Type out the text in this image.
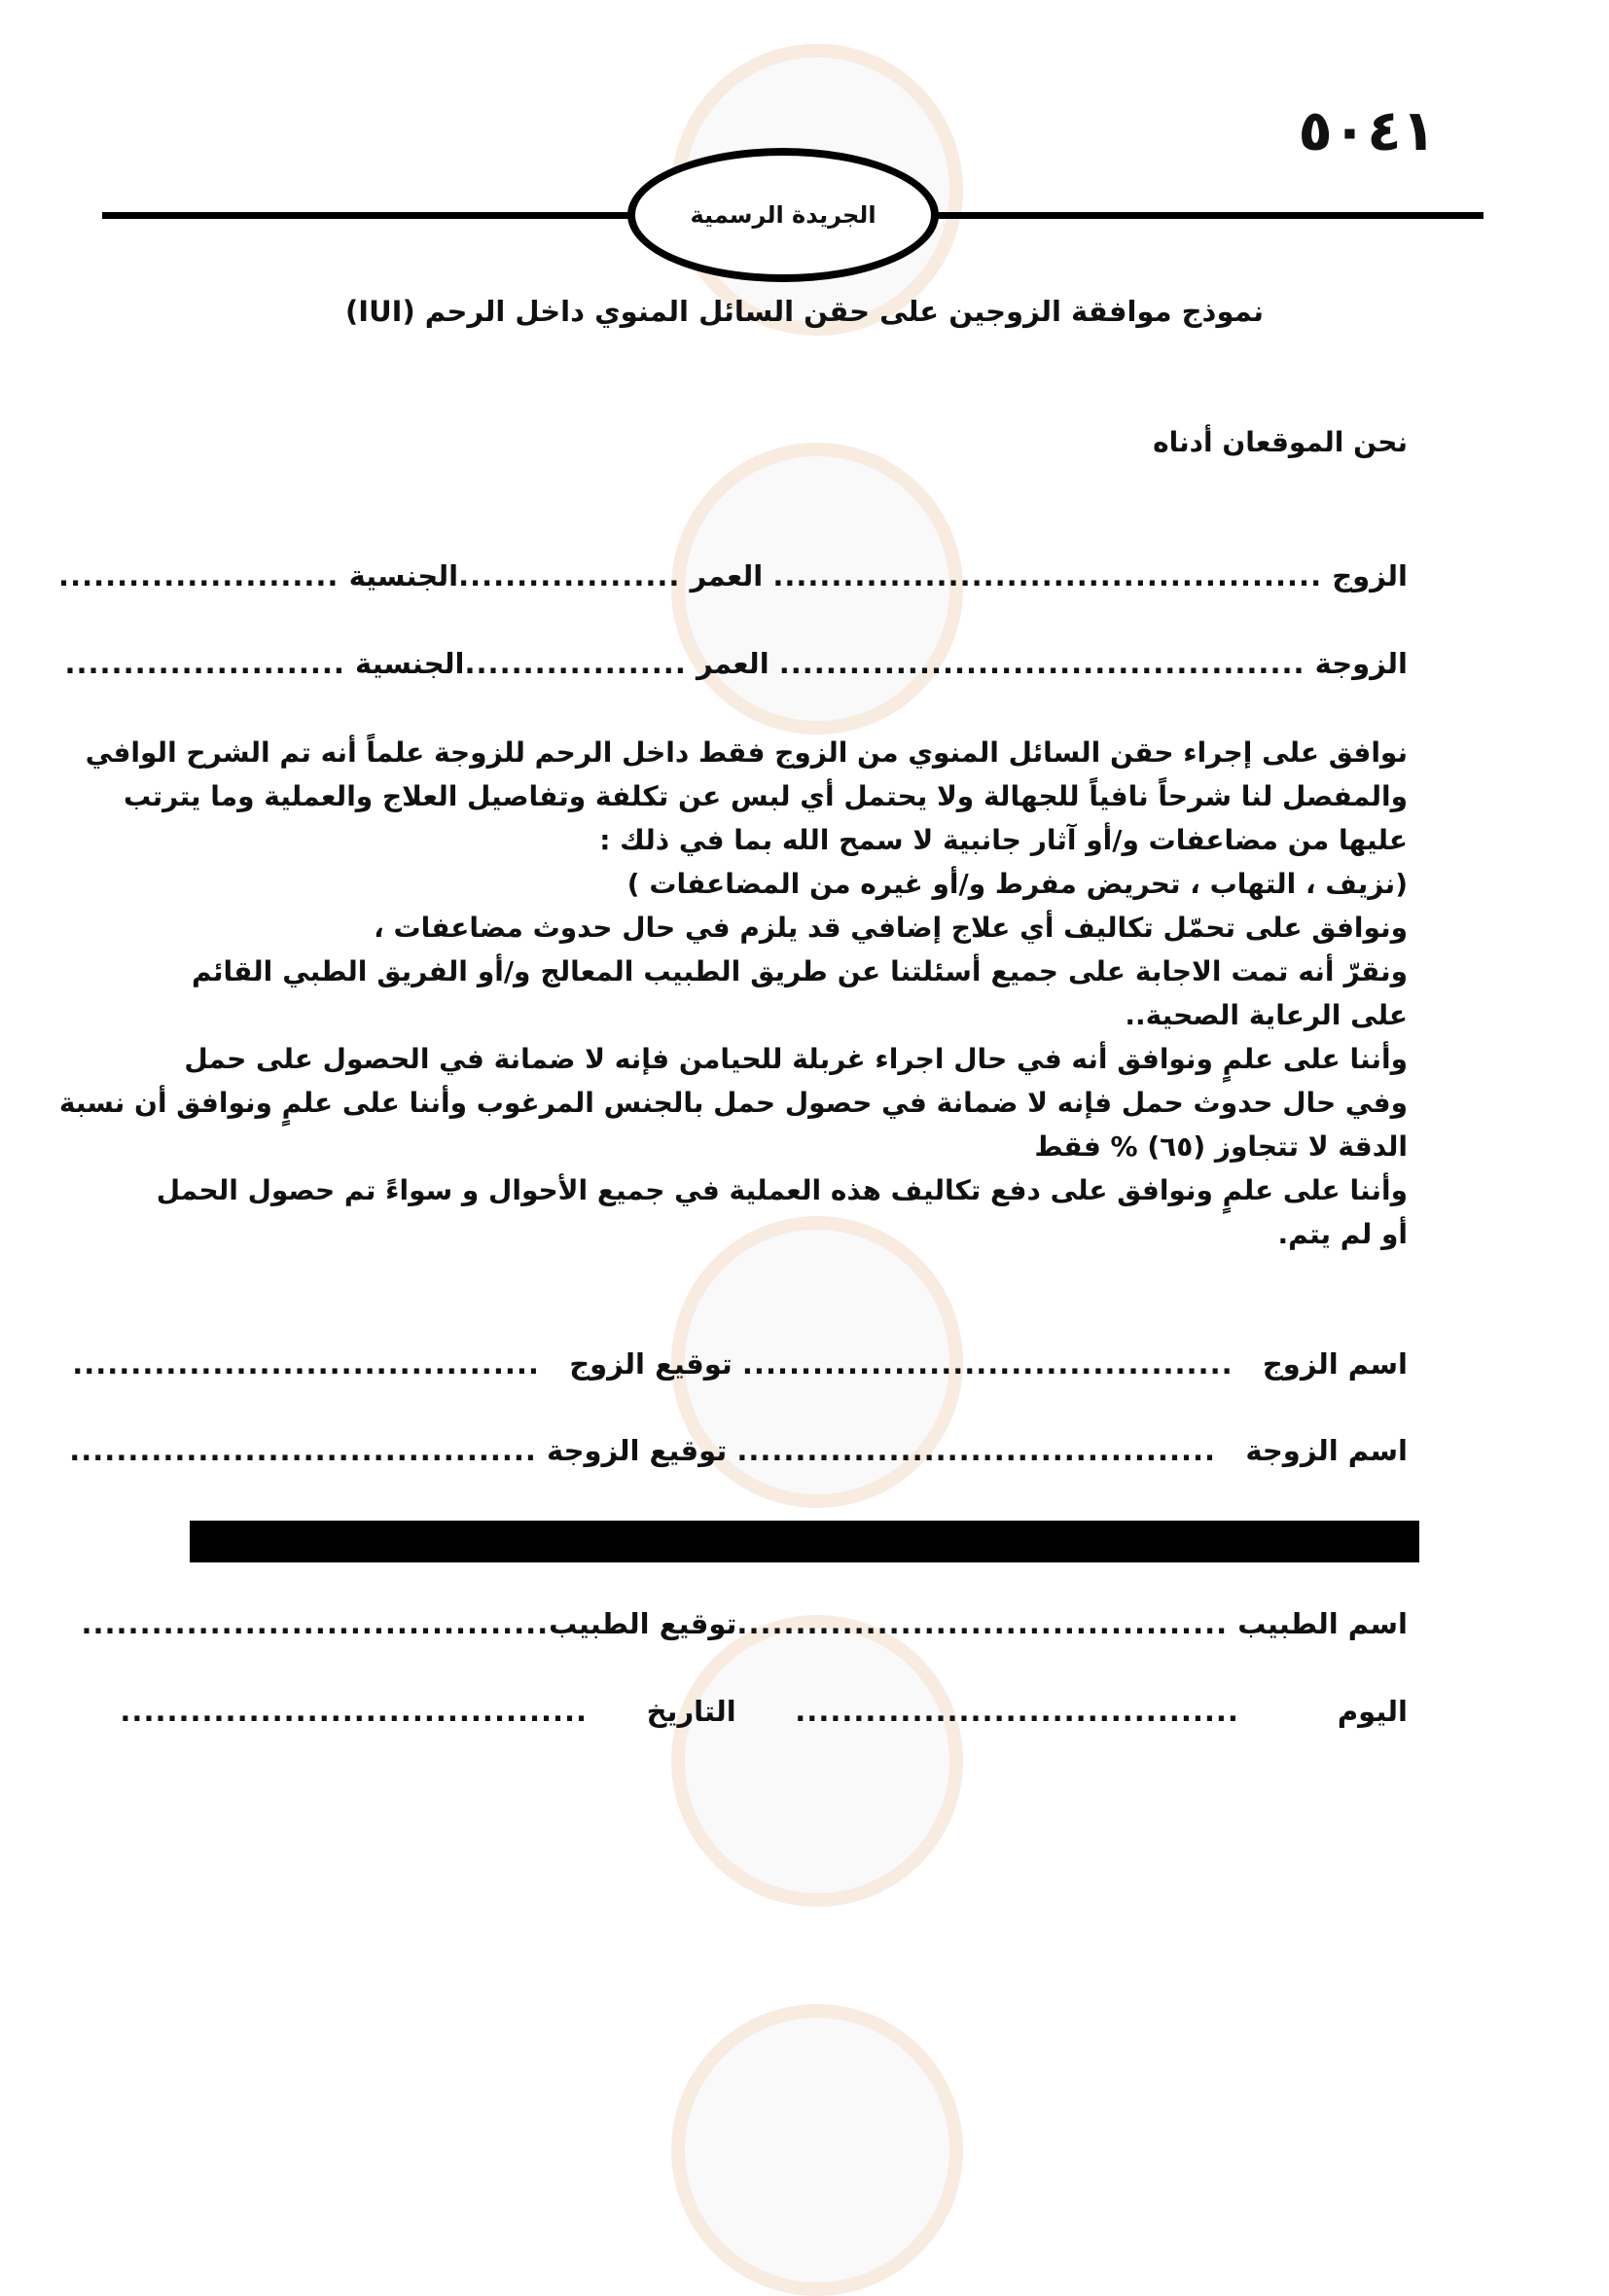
٥٠٤١
الجريدة الرسمية
نموذج موافقة الزوجين على حقن السائل المنوي داخل الرحم (IUI)
نحن الموقعان أدناه
الزوج

...............................................

العمر

...................
الجنسية

........................
الزوجة

.............................................

العمر

...................
الجنسية

........................
نوافق على إجراء حقن السائل المنوي من الزوج فقط داخل الرحم للزوجة علماً أنه تم الشرح الوافي
والمفصل لنا شرحاً نافياً للجهالة ولا يحتمل أي لبس عن تكلفة وتفاصيل العلاج والعملية وما يترتب
عليها من مضاعفات و/أو آثار جانبية لا سمح الله بما في ذلك :
(نزيف ، التهاب ، تحريض مفرط و/أو غيره من المضاعفات )
ونوافق على تحمّل تكاليف أي علاج إضافي قد يلزم في حال حدوث مضاعفات ،
ونقرّ أنه تمت الاجابة على جميع أسئلتنا عن طريق الطبيب المعالج و/أو الفريق الطبي القائم
على الرعاية الصحية..
وأننا على علمٍ ونوافق أنه في حال اجراء غربلة للحيامن فإنه لا ضمانة في الحصول على حمل
وفي حال حدوث حمل فإنه لا ضمانة في حصول حمل بالجنس المرغوب وأننا على علمٍ ونوافق أن نسبة
الدقة لا تتجاوز (٦٥) % فقط
وأننا على علمٍ ونوافق على دفع تكاليف هذه العملية في جميع الأحوال و سواءً تم حصول الحمل
أو لم يتم.
اسم الزوج

..........................................

توقيع الزوج

........................................
اسم الزوجة

.........................................

توقيع الزوجة

........................................
اسم الطبيب

..........................................
توقيع الطبيب
........................................
اليوم

......................................

التاريخ

........................................
